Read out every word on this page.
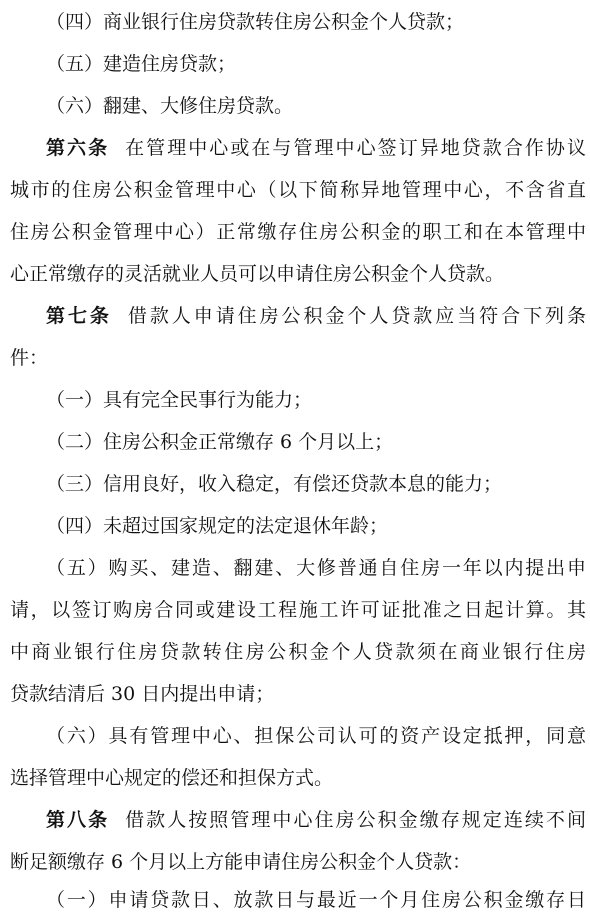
（四）商业银行住房贷款转住房公积金个人贷款；
（五）建造住房贷款；
（六）翻建、大修住房贷款。
第六条 在管理中心或在与管理中心签订异地贷款合作协议
城市的住房公积金管理中心（以下简称异地管理中心，不含省直
住房公积金管理中心）正常缴存住房公积金的职工和在本管理中
心正常缴存的灵活就业人员可以申请住房公积金个人贷款。
第七条 借款人申请住房公积金个人贷款应当符合下列条
件：
（一）具有完全民事行为能力；
（二）住房公积金正常缴存 6 个月以上；
（三）信用良好，收入稳定，有偿还贷款本息的能力；
（四）未超过国家规定的法定退休年龄；
（五）购买、建造、翻建、大修普通自住房一年以内提出申
请，以签订购房合同或建设工程施工许可证批准之日起计算。其
中商业银行住房贷款转住房公积金个人贷款须在商业银行住房
贷款结清后 30 日内提出申请；
（六）具有管理中心、担保公司认可的资产设定抵押，同意
选择管理中心规定的偿还和担保方式。
第八条 借款人按照管理中心住房公积金缴存规定连续不间
断足额缴存 6 个月以上方能申请住房公积金个人贷款：
（一）申请贷款日、放款日与最近一个月住房公积金缴存日
